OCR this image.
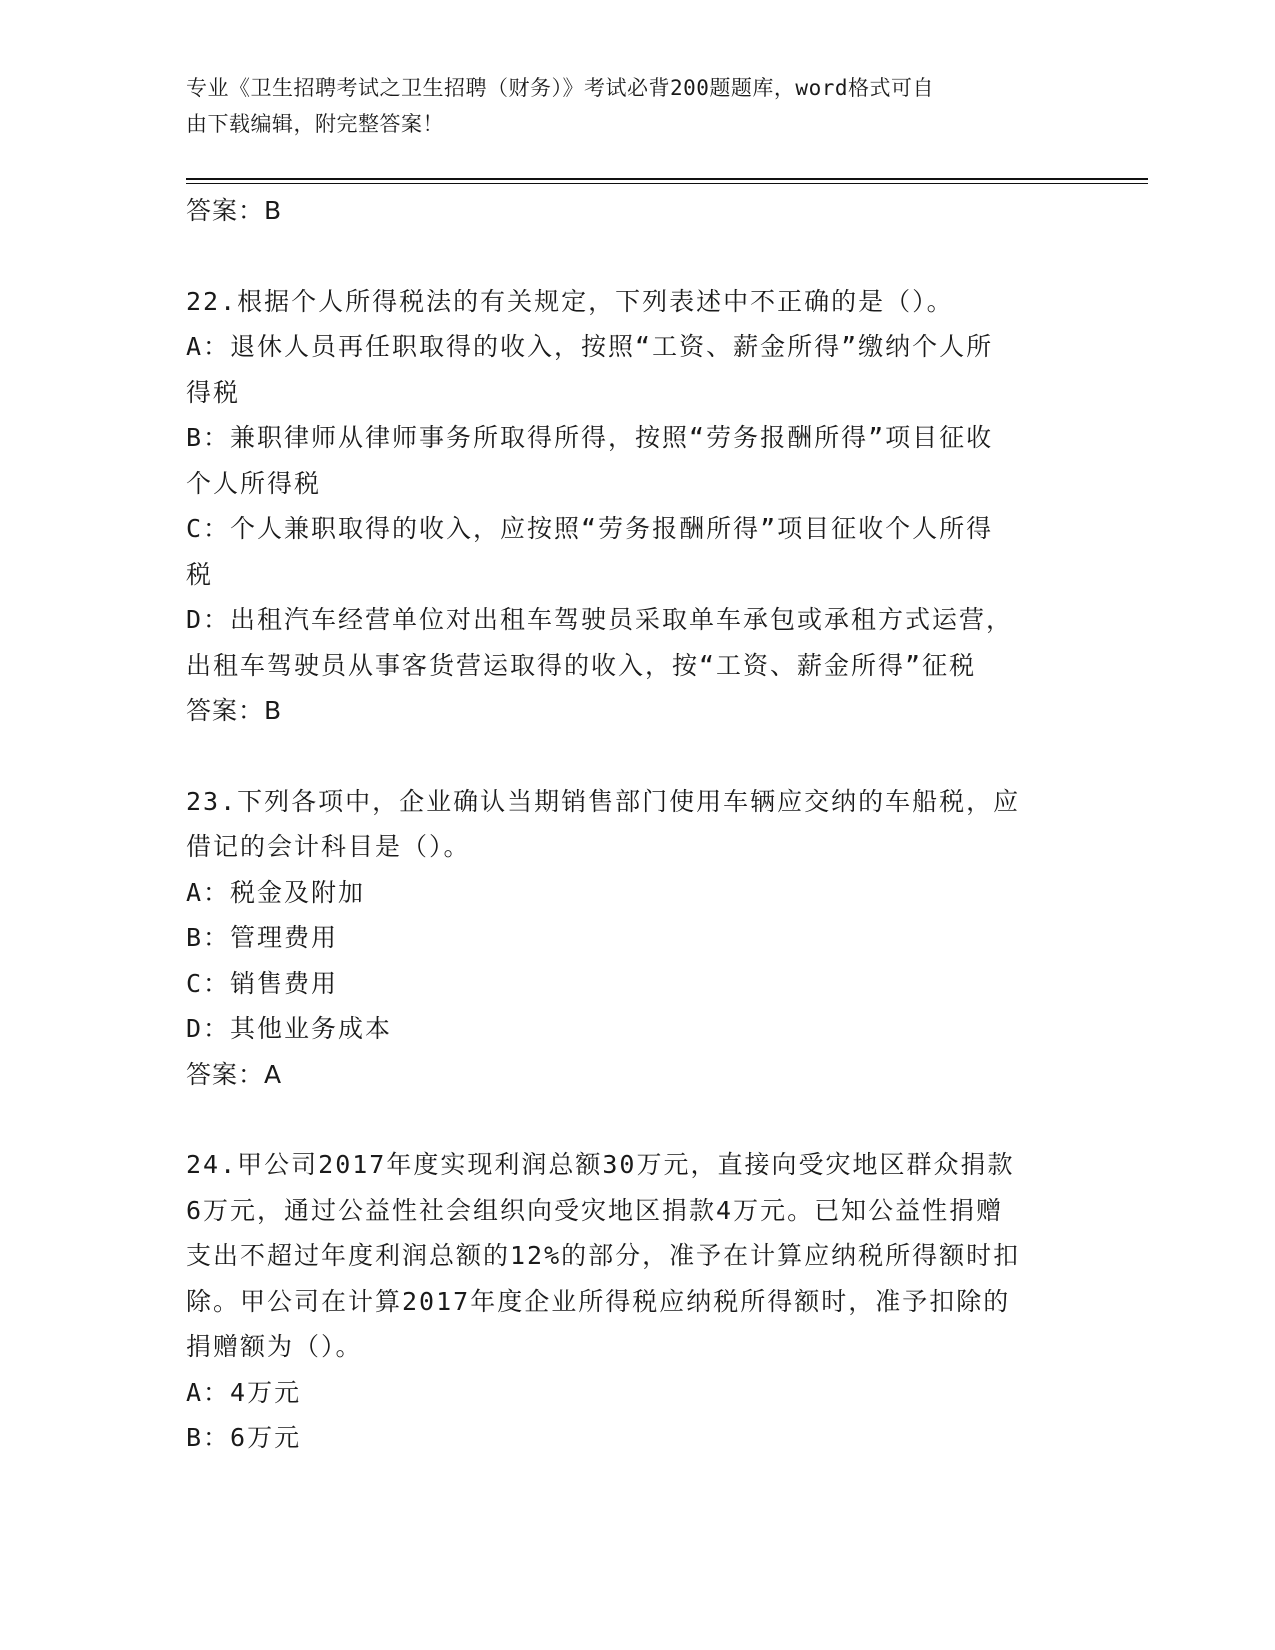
专业《卫生招聘考试之卫生招聘（财务）》考试必背200题题库，word格式可自
由下载编辑，附完整答案！
答案：B
22.根据个人所得税法的有关规定，下列表述中不正确的是（）。
A：退休人员再任职取得的收入，按照“工资、薪金所得”缴纳个人所
得税
B：兼职律师从律师事务所取得所得，按照“劳务报酬所得”项目征收
个人所得税
C：个人兼职取得的收入，应按照“劳务报酬所得”项目征收个人所得
税
D：出租汽车经营单位对出租车驾驶员采取单车承包或承租方式运营，
出租车驾驶员从事客货营运取得的收入，按“工资、薪金所得”征税
答案：B
23.下列各项中，企业确认当期销售部门使用车辆应交纳的车船税，应
借记的会计科目是（）。
A：税金及附加
B：管理费用
C：销售费用
D：其他业务成本
答案：A
24.甲公司2017年度实现利润总额30万元，直接向受灾地区群众捐款
6万元，通过公益性社会组织向受灾地区捐款4万元。已知公益性捐赠
支出不超过年度利润总额的12%的部分，准予在计算应纳税所得额时扣
除。甲公司在计算2017年度企业所得税应纳税所得额时，准予扣除的
捐赠额为（）。
A：4万元
B：6万元
